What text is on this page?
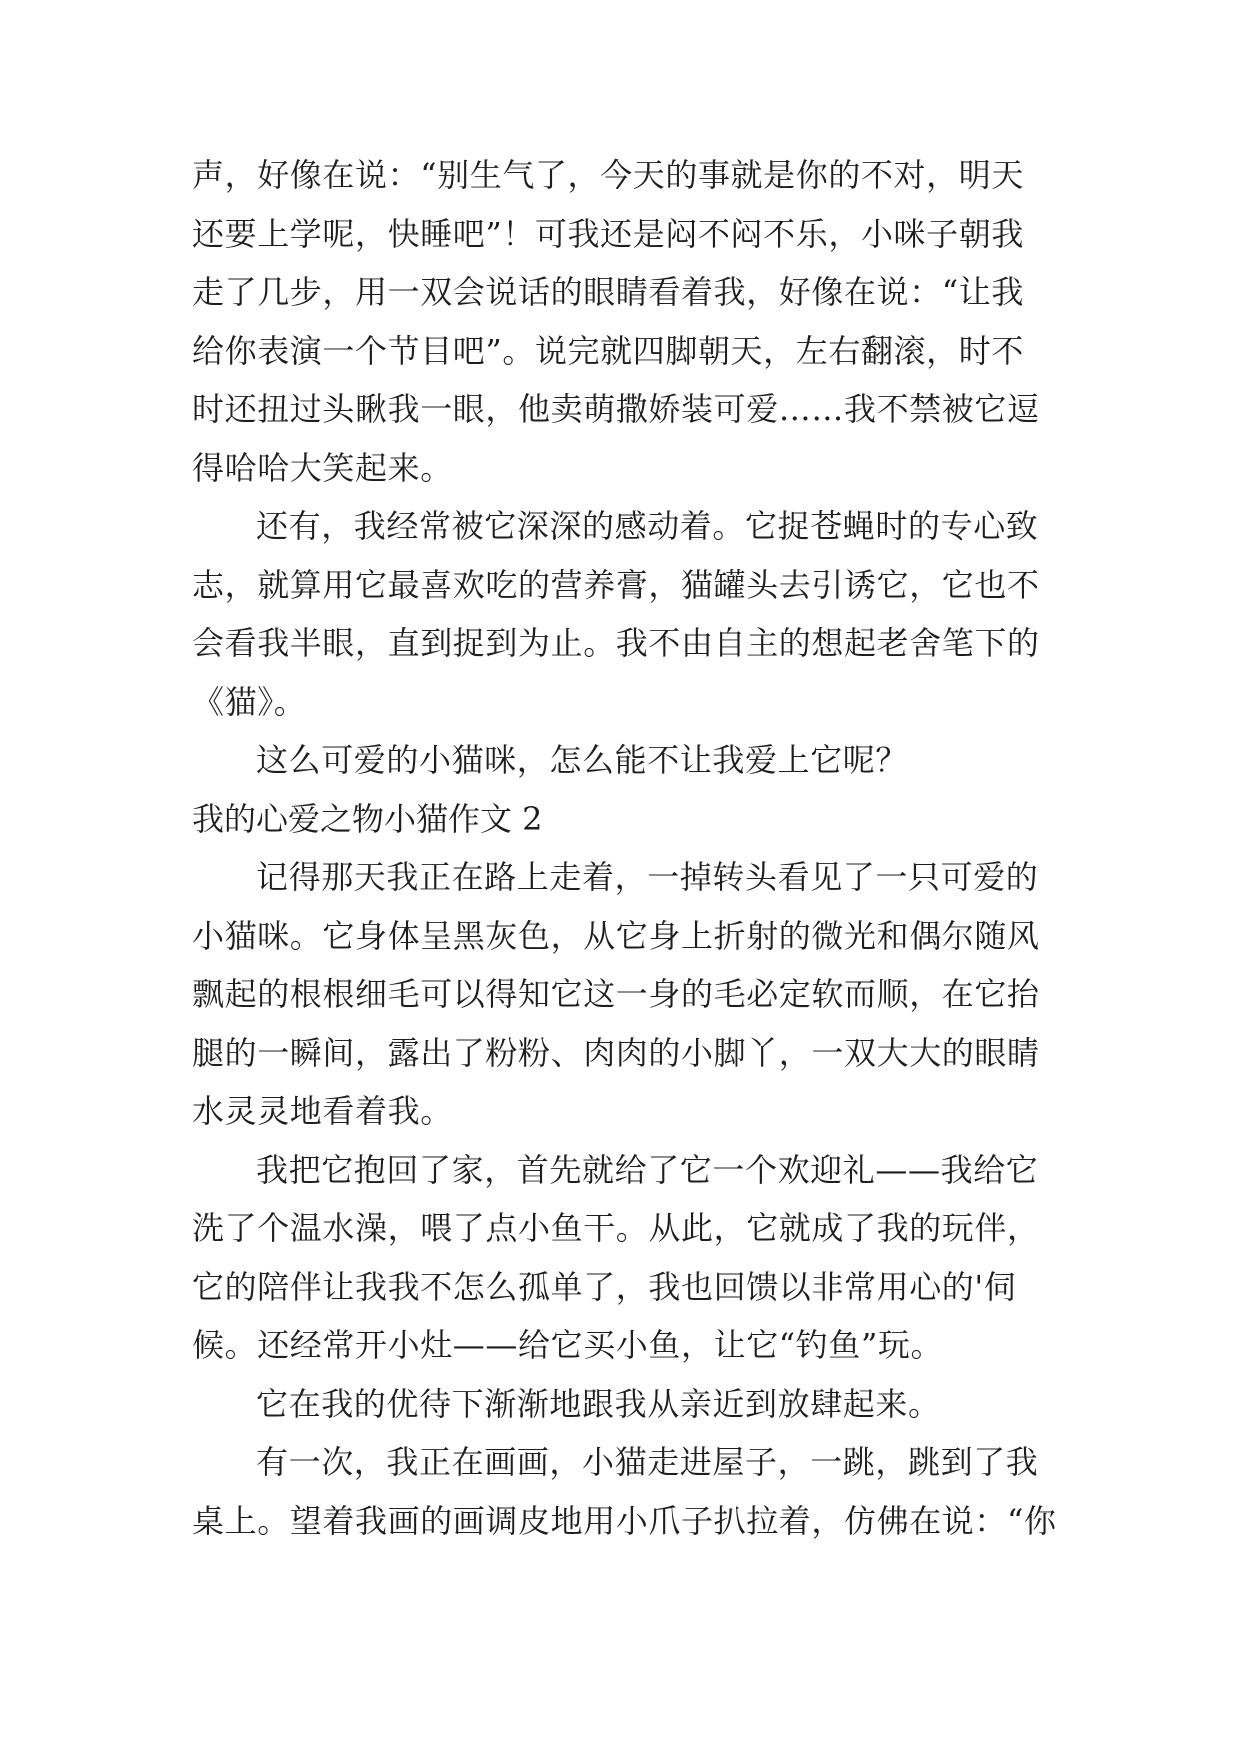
声，好像在说：“别生气了，今天的事就是你的不对，明天
还要上学呢，快睡吧”！可我还是闷不闷不乐，小咪子朝我
走了几步，用一双会说话的眼睛看着我，好像在说：“让我
给你表演一个节目吧”。说完就四脚朝天，左右翻滚，时不
时还扭过头瞅我一眼，他卖萌撒娇装可爱……我不禁被它逗
得哈哈大笑起来。
还有，我经常被它深深的感动着。它捉苍蝇时的专心致
志，就算用它最喜欢吃的营养膏，猫罐头去引诱它，它也不
会看我半眼，直到捉到为止。我不由自主的想起老舍笔下的
《猫》。
这么可爱的小猫咪，怎么能不让我爱上它呢？
我的心爱之物小猫作文 2
记得那天我正在路上走着，一掉转头看见了一只可爱的
小猫咪。它身体呈黑灰色，从它身上折射的微光和偶尔随风
飘起的根根细毛可以得知它这一身的毛必定软而顺，在它抬
腿的一瞬间，露出了粉粉、肉肉的小脚丫，一双大大的眼睛
水灵灵地看着我。
我把它抱回了家，首先就给了它一个欢迎礼——我给它
洗了个温水澡，喂了点小鱼干。从此，它就成了我的玩伴，
它的陪伴让我我不怎么孤单了，我也回馈以非常用心的'伺
候。还经常开小灶——给它买小鱼，让它“钓鱼”玩。
它在我的优待下渐渐地跟我从亲近到放肆起来。
有一次，我正在画画，小猫走进屋子，一跳，跳到了我
桌上。望着我画的画调皮地用小爪子扒拉着，仿佛在说：“你
